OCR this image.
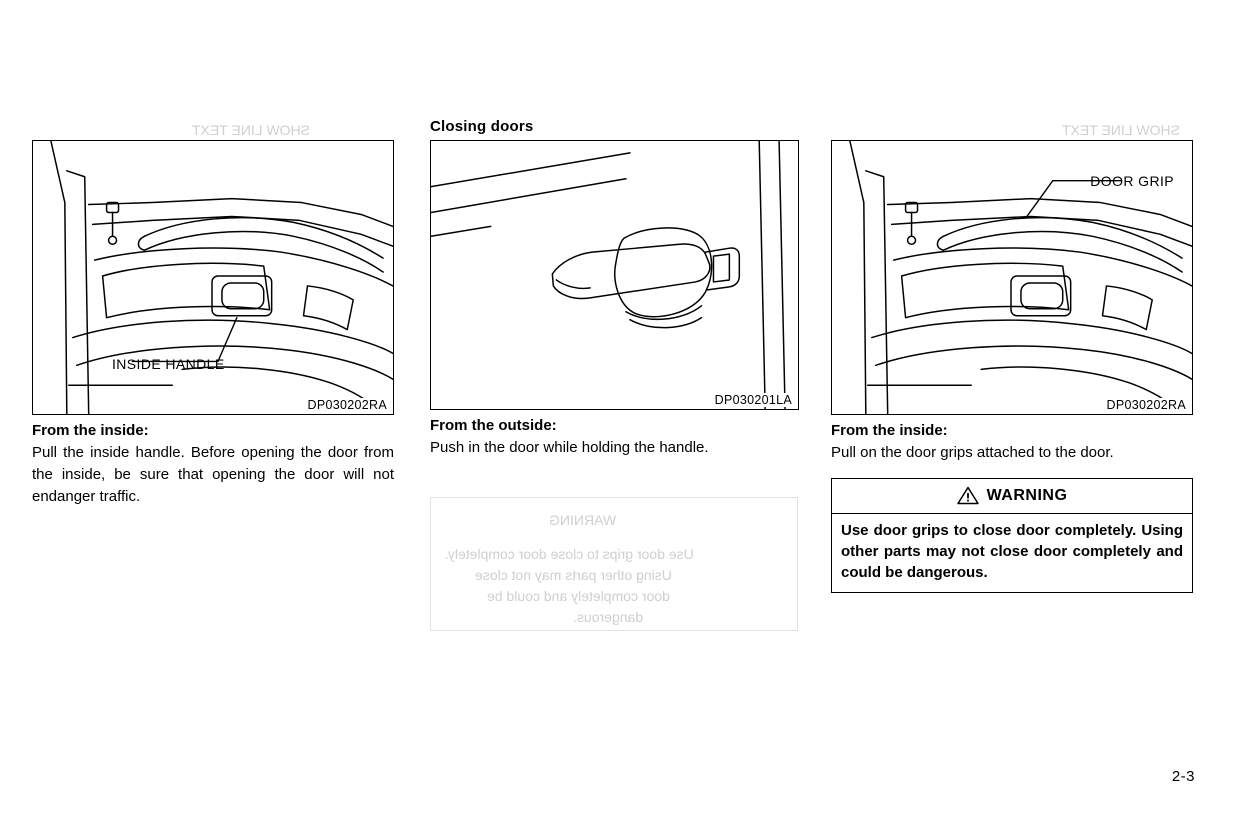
SHOW LINE TEXT	SHOW LINE TEXT
WARNING
Use door grips to close door completely.
Using other parts may not close
door completely and could be
dangerous.
INSIDE HANDLE
DP030202RA
From the inside:

Pull the inside handle. Before opening the door from the inside, be sure that opening the door will not endanger traffic.

Closing doors
DP030201LA
From the outside:

Push in the door while holding the handle.

DOOR GRIP
DP030202RA
From the inside:

Pull on the door grips attached to the door.

WARNING
Use door grips to close door completely. Using other parts may not close door completely and could be dangerous.
2-3
